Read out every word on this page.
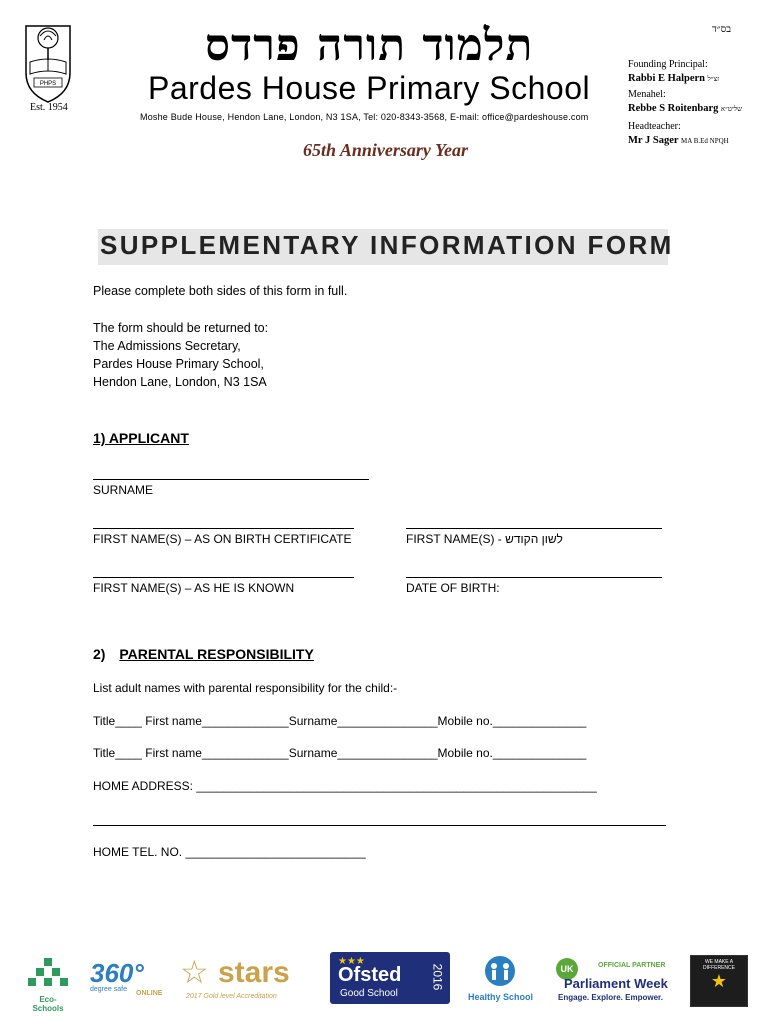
בס״ד
PHPS
Est. 1954
תלמוד תורה פרדס
Pardes House Primary School
Moshe Bude House, Hendon Lane, London, N3 1SA, Tel: 020-8343-3568, E-mail: office@pardeshouse.com
65th Anniversary Year
Founding Principal:
Rabbi E Halpern זצ״ל
Menahel:
Rebbe S Roitenbarg שליט״א
Headteacher:
Mr J Sager MA B.Ed NPQH
SUPPLEMENTARY INFORMATION FORM
Please complete both sides of this form in full.
The form should be returned to:
The Admissions Secretary,
Pardes House Primary School,
Hendon Lane, London, N3 1SA
1) APPLICANT
SURNAME
FIRST NAME(S) – AS ON BIRTH CERTIFICATE	FIRST NAME(S) - לשון הקודש
FIRST NAME(S) – AS HE IS KNOWN	DATE OF BIRTH:
2) PARENTAL RESPONSIBILITY
List adult names with parental responsibility for the child:-
Title____ First name_____________Surname_______________Mobile no.______________
Title____ First name_____________Surname_______________Mobile no.______________
HOME ADDRESS: ____________________________________________________________
HOME TEL. NO. ___________________________
Eco-Schools
360°
degree safe
ONLINE
☆ stars
2017 Gold level Accreditation
★★★
Ofsted
Good School
2016
Healthy School
UK	OFFICIAL PARTNER
Parliament Week
Engage. Explore. Empower.
WE MAKE A DIFFERENCE
★
